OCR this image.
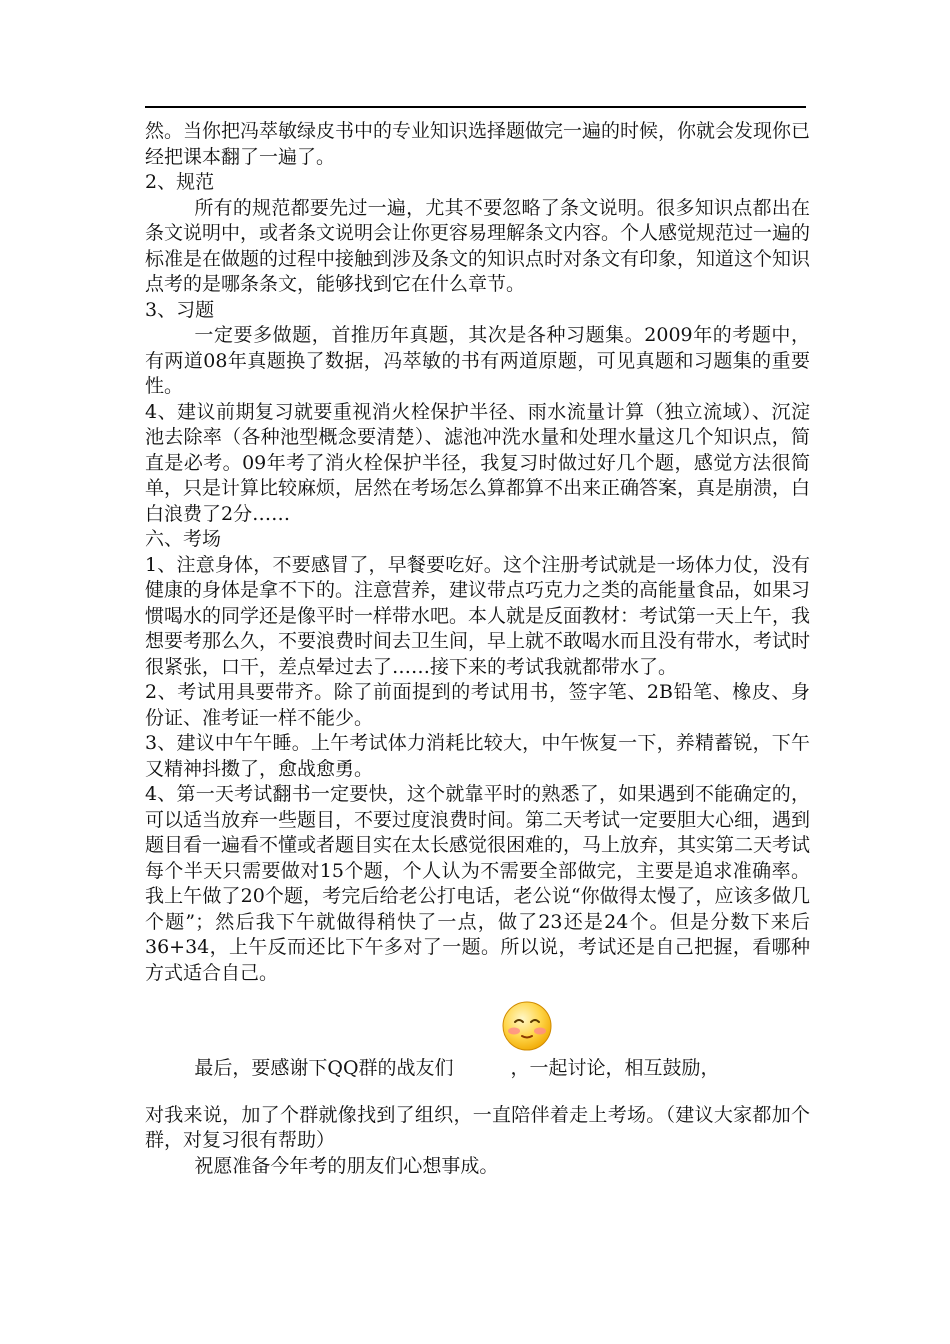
然。当你把冯萃敏绿皮书中的专业知识选择题做完一遍的时候，你就会发现你已经把课本翻了一遍了。

2、规范

所有的规范都要先过一遍，尤其不要忽略了条文说明。很多知识点都出在条文说明中，或者条文说明会让你更容易理解条文内容。个人感觉规范过一遍的标准是在做题的过程中接触到涉及条文的知识点时对条文有印象，知道这个知识点考的是哪条条文，能够找到它在什么章节。

3、习题

一定要多做题，首推历年真题，其次是各种习题集。2009年的考题中，有两道08年真题换了数据，冯萃敏的书有两道原题，可见真题和习题集的重要性。

4、建议前期复习就要重视消火栓保护半径、雨水流量计算（独立流域）、沉淀池去除率（各种池型概念要清楚）、滤池冲洗水量和处理水量这几个知识点，简直是必考。09年考了消火栓保护半径，我复习时做过好几个题，感觉方法很简单，只是计算比较麻烦，居然在考场怎么算都算不出来正确答案，真是崩溃，白白浪费了2分……

六、考场

1、注意身体，不要感冒了，早餐要吃好。这个注册考试就是一场体力仗，没有健康的身体是拿不下的。注意营养，建议带点巧克力之类的高能量食品，如果习惯喝水的同学还是像平时一样带水吧。本人就是反面教材：考试第一天上午，我想要考那么久，不要浪费时间去卫生间，早上就不敢喝水而且没有带水，考试时很紧张，口干，差点晕过去了……接下来的考试我就都带水了。

2、考试用具要带齐。除了前面提到的考试用书，签字笔、2B铅笔、橡皮、身份证、准考证一样不能少。

3、建议中午午睡。上午考试体力消耗比较大，中午恢复一下，养精蓄锐，下午又精神抖擞了，愈战愈勇。

4、第一天考试翻书一定要快，这个就靠平时的熟悉了，如果遇到不能确定的，可以适当放弃一些题目，不要过度浪费时间。第二天考试一定要胆大心细，遇到题目看一遍看不懂或者题目实在太长感觉很困难的，马上放弃，其实第二天考试每个半天只需要做对15个题，个人认为不需要全部做完，主要是追求准确率。我上午做了20个题，考完后给老公打电话，老公说“你做得太慢了，应该多做几个题”；然后我下午就做得稍快了一点，做了23还是24个。但是分数下来后36+34，上午反而还比下午多对了一题。所以说，考试还是自己把握，看哪种方式适合自己。

最后，要感谢下QQ群的战友们　　　，一起讨论，相互鼓励，

对我来说，加了个群就像找到了组织，一直陪伴着走上考场。（建议大家都加个群，对复习很有帮助）

祝愿准备今年考的朋友们心想事成。
